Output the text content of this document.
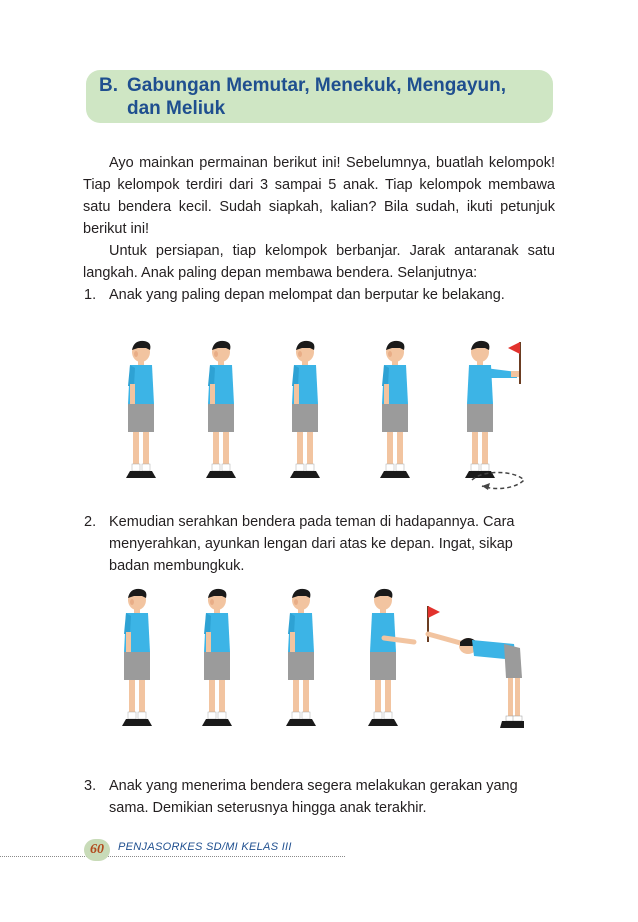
B. Gabungan Memutar, Menekuk, Mengayun,
dan Meliuk

Ayo mainkan permainan berikut ini! Sebelumnya, buatlah kelompok! Tiap kelompok terdiri dari 3 sampai 5 anak. Tiap kelompok membawa satu bendera kecil. Sudah siapkah, kalian? Bila sudah, ikuti petunjuk berikut ini!

Untuk persiapan, tiap kelompok berbanjar. Jarak antaranak satu langkah. Anak paling depan membawa bendera. Selanjutnya:

1. Anak yang paling depan melompat dan berputar ke belakang.
2. Kemudian serahkan bendera pada teman di hadapannya. Cara menyerahkan, ayunkan lengan dari atas ke depan. Ingat, sikap badan membungkuk.
3. Anak yang menerima bendera segera melakukan gerakan yang sama. Demikian seterusnya hingga anak terakhir.
60	PENJASORKES SD/MI KELAS III
